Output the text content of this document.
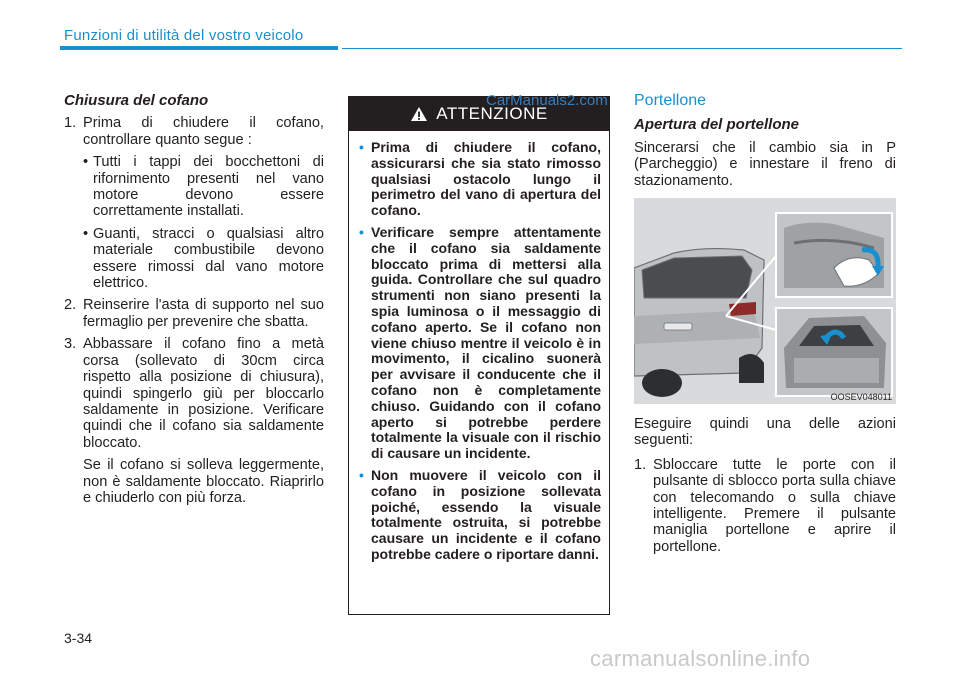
Funzioni di utilità del vostro veicolo
Chiusura del cofano
1. Prima di chiudere il cofano, controllare quanto segue :

• Tutti i tappi dei bocchettoni di rifornimento presenti nel vano motore devono essere correttamente installati.
• Guanti, stracci o qualsiasi altro materiale combustibile devono essere rimossi dal vano motore elettrico.
2. Reinserire l'asta di supporto nel suo fermaglio per prevenire che sbatta.

3. Abbassare il cofano fino a metà corsa (sollevato di 30cm circa rispetto alla posizione di chiusura), quindi spingerlo giù per bloccarlo saldamente in posizione. Verificare quindi che il cofano sia saldamente bloccato.

Se il cofano si solleva leggermente, non è saldamente bloccato. Riaprirlo e chiuderlo con più forza.

ATTENZIONE
• Prima di chiudere il cofano, assicurarsi che sia stato rimosso qualsiasi ostacolo lungo il perimetro del vano di apertura del cofano.
• Verificare sempre attentamente che il cofano sia saldamente bloccato prima di mettersi alla guida. Controllare che sul quadro strumenti non siano presenti la spia luminosa o il messaggio di cofano aperto. Se il cofano non viene chiuso mentre il veicolo è in movimento, il cicalino suonerà per avvisare il conducente che il cofano non è completamente chiuso. Guidando con il cofano aperto si potrebbe perdere totalmente la visuale con il rischio di causare un incidente.
• Non muovere il veicolo con il cofano in posizione sollevata poiché, essendo la visuale totalmente ostruita, si potrebbe causare un incidente e il cofano potrebbe cadere o riportare danni.
CarManuals2.com Portellone
Apertura del portellone

Sincerarsi che il cambio sia in P (Parcheggio) e innestare il freno di stazionamento.

OOSEV048011

Eseguire quindi una delle azioni seguenti:

1. Sbloccare tutte le porte con il pulsante di sblocco porta sulla chiave con telecomando o sulla chiave intelligente. Premere il pulsante maniglia portellone e aprire il portellone.

3-34
carmanualsonline.info
